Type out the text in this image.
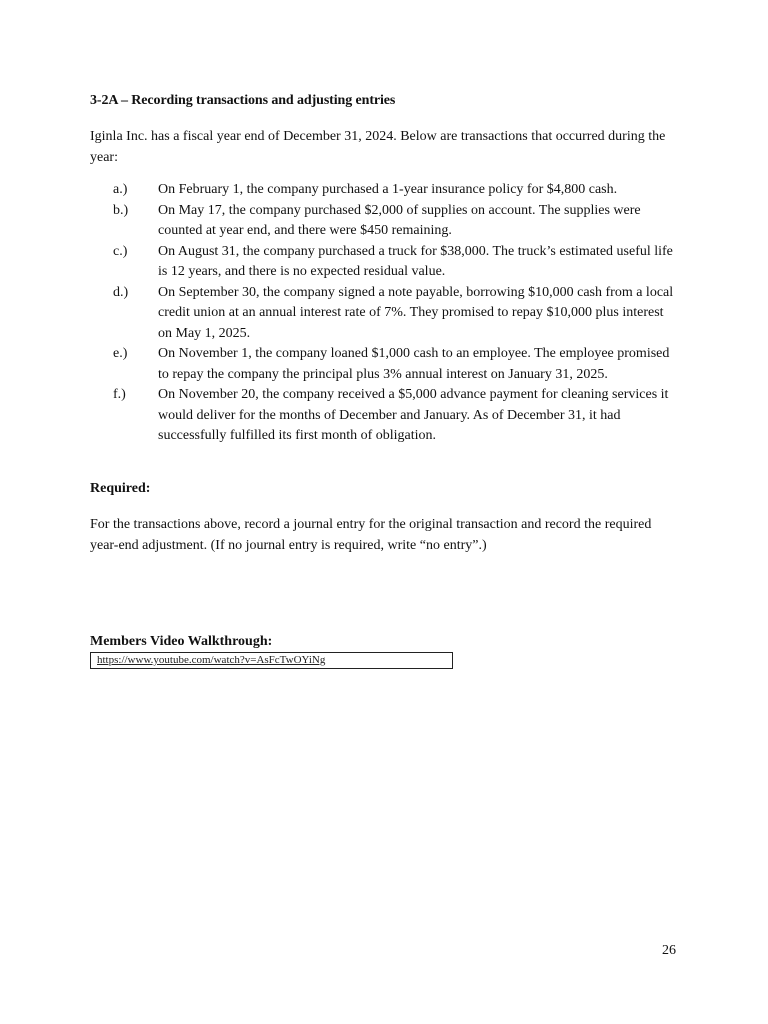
3-2A – Recording transactions and adjusting entries
Iginla Inc. has a fiscal year end of December 31, 2024. Below are transactions that occurred during the year:
a.)	On February 1, the company purchased a 1-year insurance policy for $4,800 cash.
b.)	On May 17, the company purchased $2,000 of supplies on account. The supplies were counted at year end, and there were $450 remaining.
c.)	On August 31, the company purchased a truck for $38,000. The truck’s estimated useful life is 12 years, and there is no expected residual value.
d.)	On September 30, the company signed a note payable, borrowing $10,000 cash from a local credit union at an annual interest rate of 7%. They promised to repay $10,000 plus interest on May 1, 2025.
e.)	On November 1, the company loaned $1,000 cash to an employee. The employee promised to repay the company the principal plus 3% annual interest on January 31, 2025.
f.)	On November 20, the company received a $5,000 advance payment for cleaning services it would deliver for the months of December and January. As of December 31, it had successfully fulfilled its first month of obligation.
Required:
For the transactions above, record a journal entry for the original transaction and record the required year-end adjustment. (If no journal entry is required, write “no entry”.)
Members Video Walkthrough:
https://www.youtube.com/watch?v=AsFcTwOYiNg
26
